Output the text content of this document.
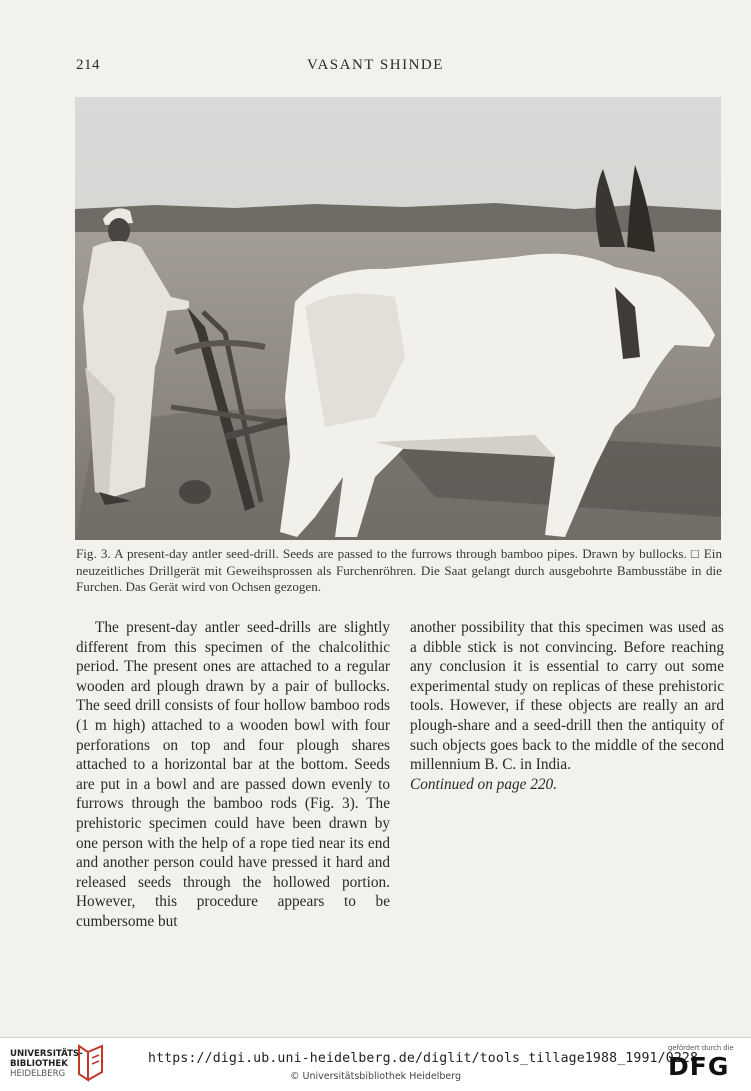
214	VASANT SHINDE

Fig. 3. A present-day antler seed-drill. Seeds are passed to the furrows through bamboo pipes. Drawn by bullocks. □ Ein neuzeitliches Drillgerät mit Geweihsprossen als Furchenröhren. Die Saat gelangt durch ausgebohrte Bambusstäbe in die Furchen. Das Gerät wird von Ochsen gezogen.

The present-day antler seed-drills are slightly different from this specimen of the chalcolithic period. The present ones are attached to a regular wooden ard plough drawn by a pair of bullocks. The seed drill consists of four hollow bamboo rods (1 m high) attached to a wooden bowl with four perforations on top and four plough shares attached to a horizontal bar at the bottom. Seeds are put in a bowl and are passed down evenly to furrows through the bamboo rods (Fig. 3). The prehistoric specimen could have been drawn by one person with the help of a rope tied near its end and another person could have pressed it hard and released seeds through the hollowed portion. However, this procedure appears to be cumbersome but

another possibility that this specimen was used as a dibble stick is not convincing. Before reaching any conclusion it is essential to carry out some experimental study on replicas of these prehistoric tools. However, if these objects are really an ard plough-share and a seed-drill then the antiquity of such objects goes back to the middle of the second millennium B. C. in India.

Continued on page 220.

UNIVERSITÄTS-
BIBLIOTHEK
HEIDELBERG
https://digi.ub.uni-heidelberg.de/diglit/tools_tillage1988_1991/0228
© Universitätsbibliothek Heidelberg
gefördert durch die
DFG
